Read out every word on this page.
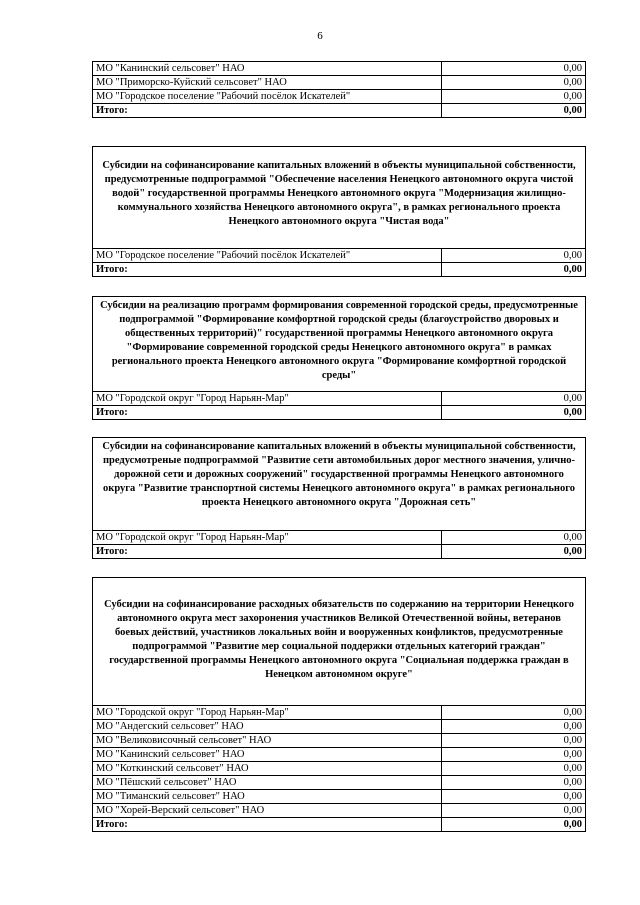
6
МО "Канинский сельсовет" НАО	0,00
МО "Приморско-Куйский сельсовет" НАО	0,00
МО "Городское поселение "Рабочий посёлок Искателей"	0,00
Итого:	0,00
Субсидии на софинансирование капитальных вложений в объекты муниципальной собственности, предусмотренные подпрограммой "Обеспечение населения Ненецкого автономного округа чистой водой" государственной программы Ненецкого автономного округа "Модернизация жилищно-коммунального хозяйства Ненецкого автономного округа", в рамках регионального проекта Ненецкого автономного округа "Чистая вода"
МО "Городское поселение "Рабочий посёлок Искателей"	0,00
Итого:	0,00
Субсидии на реализацию программ формирования современной городской среды, предусмотренные подпрограммой "Формирование комфортной городской среды (благоустройство дворовых и общественных территорий)" государственной программы Ненецкого автономного округа "Формирование современной городской среды Ненецкого автономного округа" в рамках регионального проекта Ненецкого автономного округа "Формирование комфортной городской среды"
МО "Городской округ "Город Нарьян-Мар"	0,00
Итого:	0,00
Субсидии на софинансирование капитальных вложений в объекты муниципальной собственности, предусмотреные подпрограммой "Развитие сети автомобильных дорог местного значения, улично-дорожной сети и дорожных сооружений" государственной программы Ненецкого автономного округа "Развитие транспортной системы Ненецкого автономного округа" в рамках регионального проекта Ненецкого автономного округа "Дорожная сеть"
МО "Городской округ "Город Нарьян-Мар"	0,00
Итого:	0,00
Субсидии на софинансирование расходных обязательств по содержанию на территории Ненецкого автономного округа мест захоронения участников Великой Отечественной войны, ветеранов боевых действий, участников локальных войн и вооруженных конфликтов, предусмотренные подпрограммой "Развитие мер социальной поддержки отдельных категорий граждан" государственной программы Ненецкого автономного округа "Социальная поддержка граждан в Ненецком автономном округе"
МО "Городской округ "Город Нарьян-Мар"	0,00
МО "Андегский сельсовет" НАО	0,00
МО "Великовисочный сельсовет" НАО	0,00
МО "Канинский сельсовет" НАО	0,00
МО "Коткинский сельсовет" НАО	0,00
МО "Пёшский сельсовет" НАО	0,00
МО "Тиманский сельсовет" НАО	0,00
МО "Хорей-Верский сельсовет" НАО	0,00
Итого:	0,00
